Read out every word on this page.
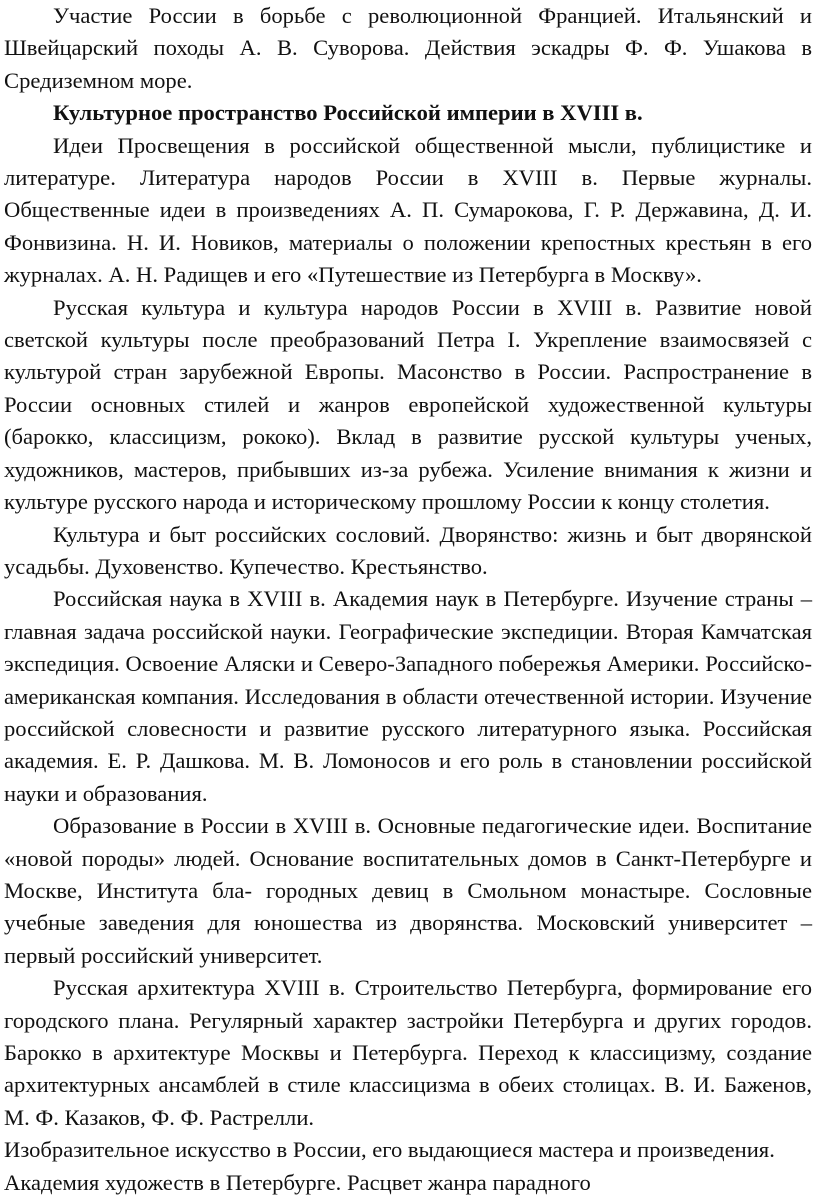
Участие России в борьбе с революционной Францией. Итальянский и Швейцарский походы А. В. Суворова. Действия эскадры Ф. Ф. Ушакова в Средиземном море.

Культурное пространство Российской империи в XVIII в.

Идеи Просвещения в российской общественной мысли, публицистике и литературе. Литература народов России в XVIII в. Первые журналы. Общественные идеи в произведениях А. П. Сумарокова, Г. Р. Державина, Д. И. Фонвизина. Н. И. Новиков, материалы о положении крепостных крестьян в его журналах. А. Н. Радищев и его «Путешествие из Петербурга в Москву».

Русская культура и культура народов России в XVIII в. Развитие новой светской культуры после преобразований Петра I. Укрепление взаимосвязей с культурой стран зарубежной Европы. Масонство в России. Распространение в России основных стилей и жанров европейской художественной культуры (барокко, классицизм, рококо). Вклад в развитие русской культуры ученых, художников, мастеров, прибывших из-за рубежа. Усиление внимания к жизни и культуре русского народа и историческому прошлому России к концу столетия.

Культура и быт российских сословий. Дворянство: жизнь и быт дворянской усадьбы. Духовенство. Купечество. Крестьянство.

Российская наука в XVIII в. Академия наук в Петербурге. Изучение страны – главная задача российской науки. Географические экспедиции. Вторая Камчатская экспедиция. Освоение Аляски и Северо-Западного побережья Америки. Российско-американская компания. Исследования в области отечественной истории. Изучение российской словесности и развитие русского литературного языка. Российская академия. Е. Р. Дашкова. М. В. Ломоносов и его роль в становлении российской науки и образования.

Образование в России в XVIII в. Основные педагогические идеи. Воспитание «новой породы» людей. Основание воспитательных домов в Санкт-Петербурге и Москве, Института бла- городных девиц в Смольном монастыре. Сословные учебные заведения для юношества из дворянства. Московский университет – первый российский университет.

Русская архитектура XVIII в. Строительство Петербурга, формирование его городского плана. Регулярный характер застройки Петербурга и других городов. Барокко в архитектуре Москвы и Петербурга. Переход к классицизму, создание архитектурных ансамблей в стиле классицизма в обеих столицах. В. И. Баженов, М. Ф. Казаков, Ф. Ф. Растрелли.

Изобразительное искусство в России, его выдающиеся мастера и произведения. Академия художеств в Петербурге. Расцвет жанра парадного
